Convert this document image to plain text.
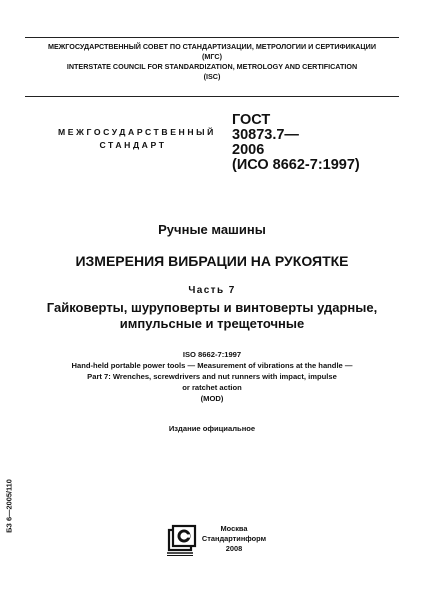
МЕЖГОСУДАРСТВЕННЫЙ СОВЕТ ПО СТАНДАРТИЗАЦИИ, МЕТРОЛОГИИ И СЕРТИФИКАЦИИ
(МГС)
INTERSTATE COUNCIL FOR STANDARDIZATION, METROLOGY AND CERTIFICATION
(ISC)
МЕЖГОСУДАРСТВЕННЫЙ
СТАНДАРТ
ГОСТ
30873.7—
2006
(ИСО 8662-7:1997)
Ручные машины
ИЗМЕРЕНИЯ ВИБРАЦИИ НА РУКОЯТКЕ
Часть 7
Гайковерты, шуруповерты и винтоверты ударные,
импульсные и трещеточные
ISO 8662-7:1997
Hand-held portable power tools — Measurement of vibrations at the handle —
Part 7: Wrenches, screwdrivers and nut runners with impact, impulse
or ratchet action
(MOD)
Издание официальное
БЗ 6—2005/110	Москва
Стандартинформ
2008
